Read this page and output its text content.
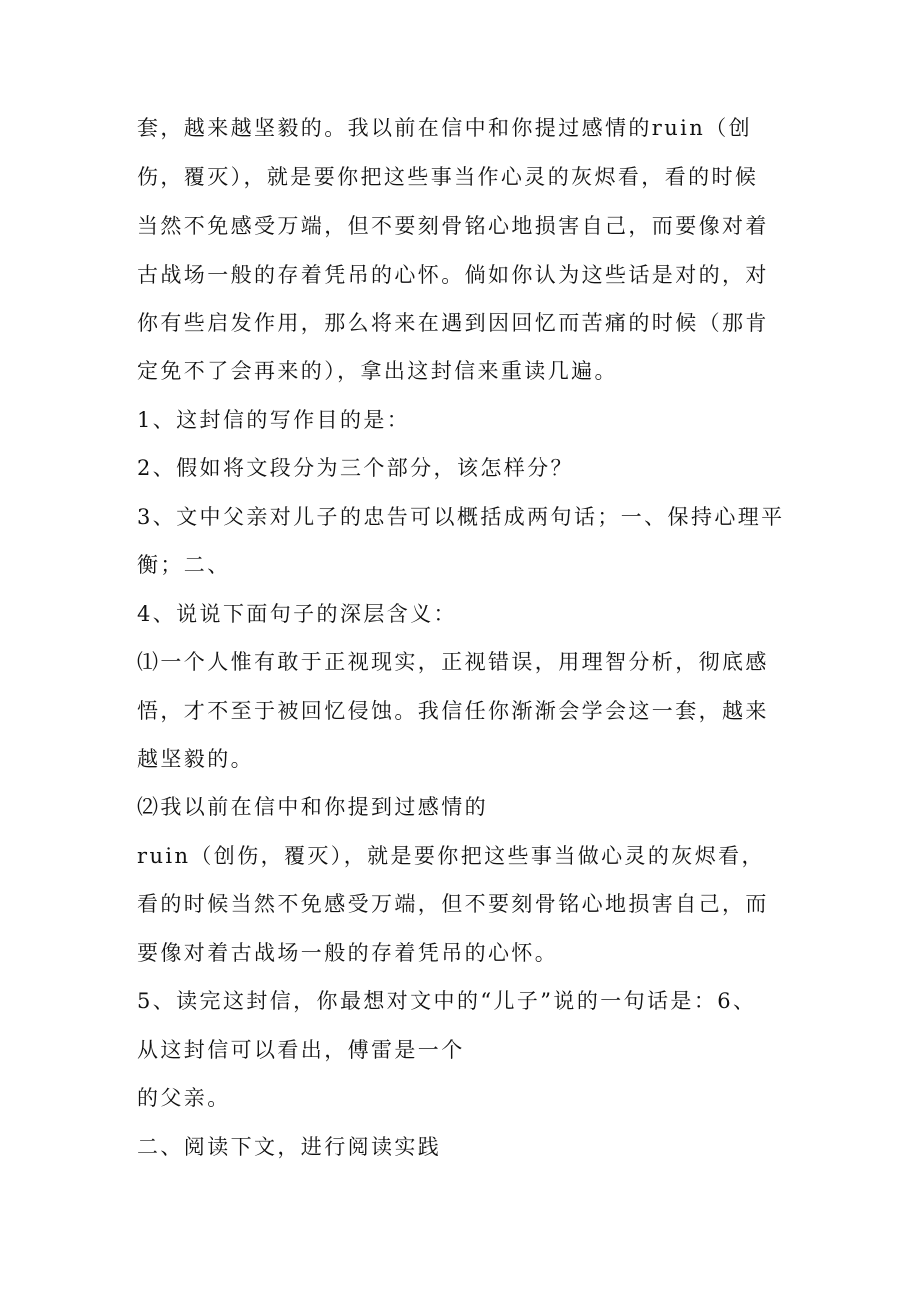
套，越来越坚毅的。我以前在信中和你提过感情的ruin（创

伤，覆灭），就是要你把这些事当作心灵的灰烬看，看的时候

当然不免感受万端，但不要刻骨铭心地损害自己，而要像对着

古战场一般的存着凭吊的心怀。倘如你认为这些话是对的，对

你有些启发作用，那么将来在遇到因回忆而苦痛的时候（那肯

定免不了会再来的），拿出这封信来重读几遍。

1、这封信的写作目的是：

2、假如将文段分为三个部分，该怎样分？

3、文中父亲对儿子的忠告可以概括成两句话；一、保持心理平

衡；二、

4、说说下面句子的深层含义：

⑴一个人惟有敢于正视现实，正视错误，用理智分析，彻底感

悟，才不至于被回忆侵蚀。我信任你渐渐会学会这一套，越来

越坚毅的。

⑵我以前在信中和你提到过感情的

ruin（创伤，覆灭），就是要你把这些事当做心灵的灰烬看，

看的时候当然不免感受万端，但不要刻骨铭心地损害自己，而

要像对着古战场一般的存着凭吊的心怀。

5、读完这封信，你最想对文中的“儿子”说的一句话是：6、

从这封信可以看出，傅雷是一个

的父亲。

二、阅读下文，进行阅读实践
